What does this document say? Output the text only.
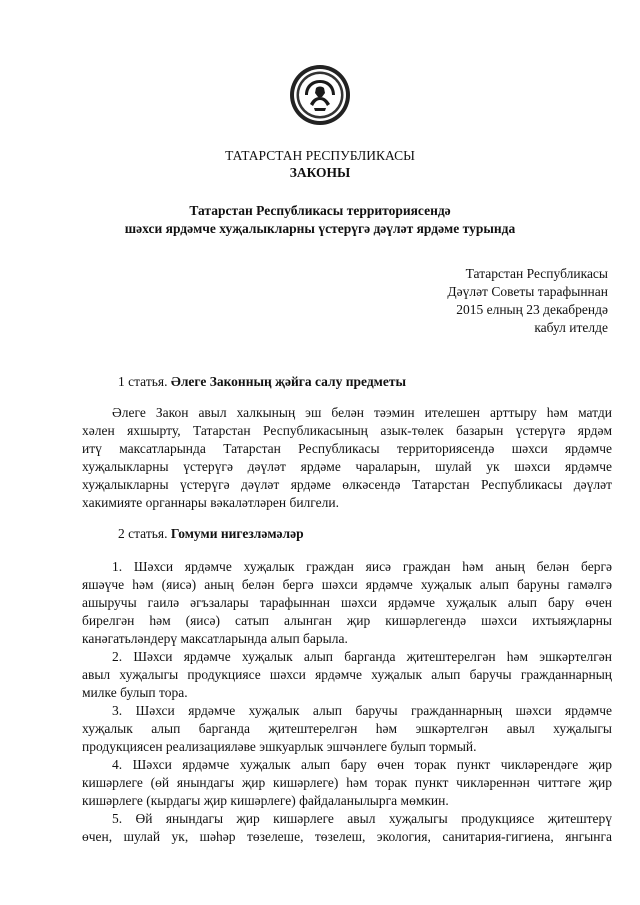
ТАТАРСТАН РЕСПУБЛИКАСЫ
ЗАКОНЫ
Татарстан Республикасы территориясендә
шәхси ярдәмче хуҗалыкларны үстерүгә дәүләт ярдәме турында
Татарстан Республикасы
Дәүләт Советы тарафыннан
2015 елның 23 декабрендә
кабул ителде
1 статья. Әлеге Законның җәйга салу предметы
Әлеге Закон авыл халкының эш белән тәэмин ителешен арттыру һәм матди
хәлен яхшырту, Татарстан Республикасының азык-төлек базарын үстерүгә ярдәм
итү максатларында Татарстан Республикасы территориясендә шәхси ярдәмче
хуҗалыкларны үстерүгә дәүләт ярдәме чараларын, шулай ук шәхси ярдәмче
хуҗалыкларны үстерүгә дәүләт ярдәме өлкәсендә Татарстан Республикасы дәүләт
хакимияте органнары вәкаләтләрен билгели.
2 статья. Гомуми нигезләмәләр
1. Шәхси ярдәмче хуҗалык граждан яисә граждан һәм аның белән бергә
яшәүче һәм (яисә) аның белән бергә шәхси ярдәмче хуҗалык алып баруны гамәлгә
ашыручы гаилә әгъзалары тарафыннан шәхси ярдәмче хуҗалык алып бару өчен
бирелгән һәм (яисә) сатып алынган җир кишәрлегендә шәхси ихтыяҗларны
канәгатьләндерү максатларында алып барыла.
2. Шәхси ярдәмче хуҗалык алып барганда җитештерелгән һәм эшкәртелгән
авыл хуҗалыгы продукциясе шәхси ярдәмче хуҗалык алып баручы гражданнарның
милке булып тора.
3. Шәхси ярдәмче хуҗалык алып баручы гражданнарның шәхси ярдәмче
хуҗалык алып барганда җитештерелгән һәм эшкәртелгән авыл хуҗалыгы
продукциясен реализацияләве эшкуарлык эшчәнлеге булып тормый.
4. Шәхси ярдәмче хуҗалык алып бару өчен торак пункт чикләрендәге җир
кишәрлеге (өй янындагы җир кишәрлеге) һәм торак пункт чикләреннән читтәге җир
кишәрлеге (кырдагы җир кишәрлеге) файдаланылырга мөмкин.
5. Өй янындагы җир кишәрлеге авыл хуҗалыгы продукциясе җитештерү
өчен, шулай ук, шәһәр төзелеше, төзелеш, экология, санитария-гигиена, янгынга
